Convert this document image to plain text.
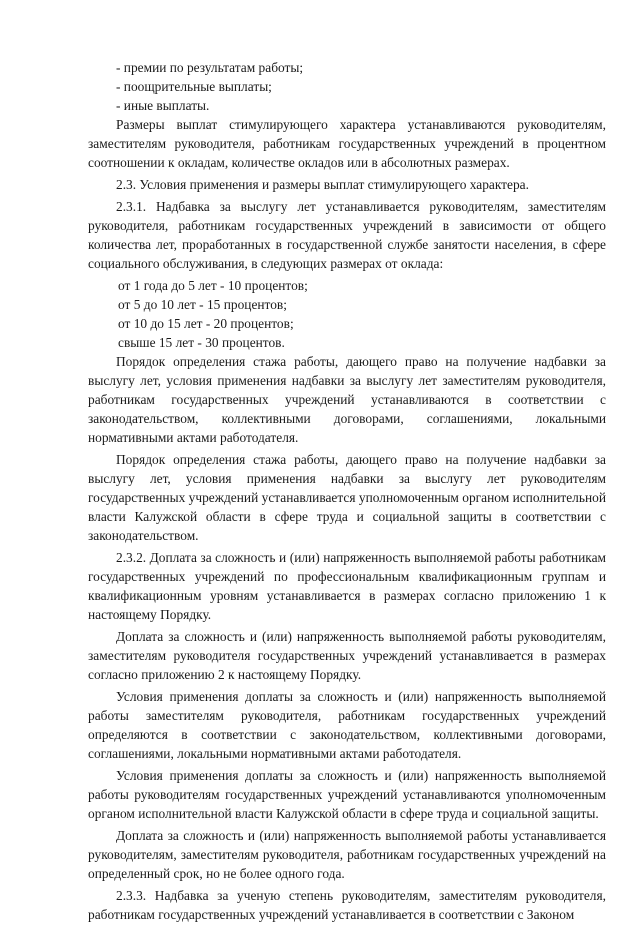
- премии по результатам работы;
- поощрительные выплаты;
- иные выплаты.

Размеры выплат стимулирующего характера устанавливаются руководителям, заместителям руководителя, работникам государственных учреждений в процентном соотношении к окладам, количестве окладов или в абсолютных размерах.

2.3. Условия применения и размеры выплат стимулирующего характера.

2.3.1. Надбавка за выслугу лет устанавливается руководителям, заместителям руководителя, работникам государственных учреждений в зависимости от общего количества лет, проработанных в государственной службе занятости населения, в сфере социального обслуживания, в следующих размерах от оклада:

от 1 года до 5 лет - 10 процентов;
от 5 до 10 лет - 15 процентов;
от 10 до 15 лет - 20 процентов;
свыше 15 лет - 30 процентов.

Порядок определения стажа работы, дающего право на получение надбавки за выслугу лет, условия применения надбавки за выслугу лет заместителям руководителя, работникам государственных учреждений устанавливаются в соответствии с законодательством, коллективными договорами, соглашениями, локальными нормативными актами работодателя.

Порядок определения стажа работы, дающего право на получение надбавки за выслугу лет, условия применения надбавки за выслугу лет руководителям государственных учреждений устанавливается уполномоченным органом исполнительной власти Калужской области в сфере труда и социальной защиты в соответствии с законодательством.

2.3.2. Доплата за сложность и (или) напряженность выполняемой работы работникам государственных учреждений по профессиональным квалификационным группам и квалификационным уровням устанавливается в размерах согласно приложению 1 к настоящему Порядку.

Доплата за сложность и (или) напряженность выполняемой работы руководителям, заместителям руководителя государственных учреждений устанавливается в размерах согласно приложению 2 к настоящему Порядку.

Условия применения доплаты за сложность и (или) напряженность выполняемой работы заместителям руководителя, работникам государственных учреждений определяются в соответствии с законодательством, коллективными договорами, соглашениями, локальными нормативными актами работодателя.

Условия применения доплаты за сложность и (или) напряженность выполняемой работы руководителям государственных учреждений устанавливаются уполномоченным органом исполнительной власти Калужской области в сфере труда и социальной защиты.

Доплата за сложность и (или) напряженность выполняемой работы устанавливается руководителям, заместителям руководителя, работникам государственных учреждений на определенный срок, но не более одного года.

2.3.3. Надбавка за ученую степень руководителям, заместителям руководителя, работникам государственных учреждений устанавливается в соответствии с Законом
